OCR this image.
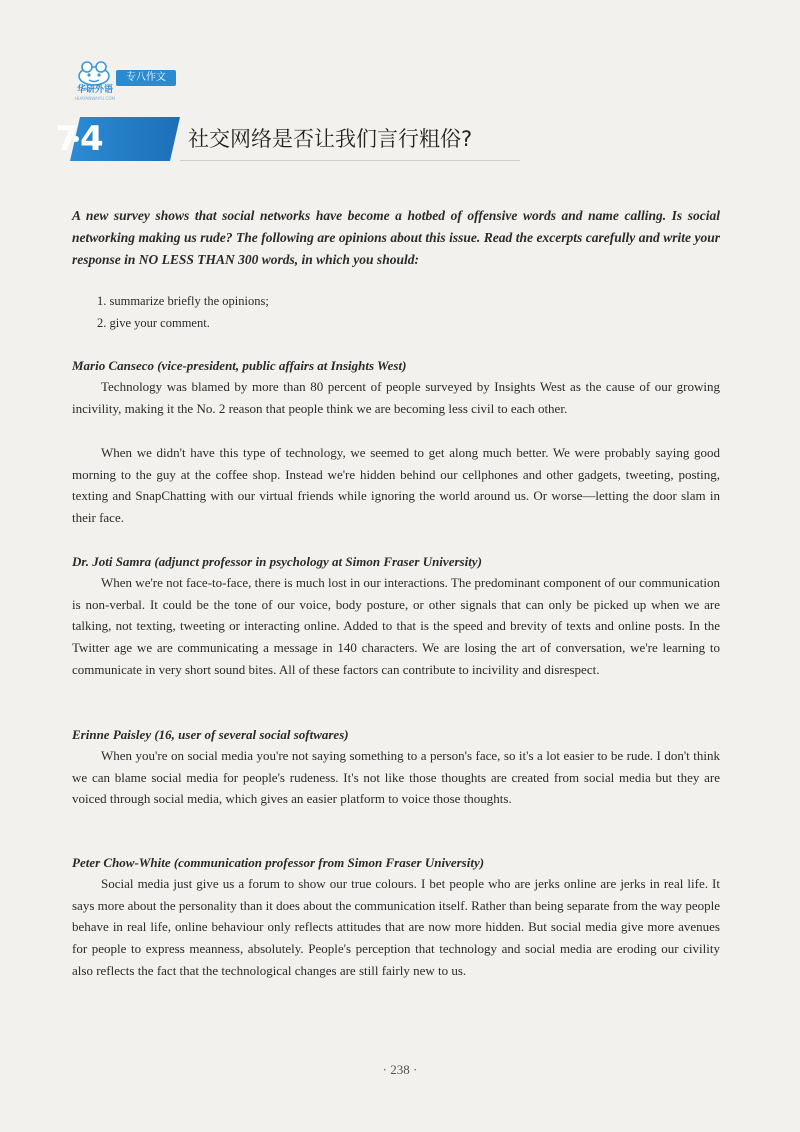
华研外语
HUAYANWAIYU.COM
专八作文
74	社交网络是否让我们言行粗俗?
A new survey shows that social networks have become a hotbed of offensive words and name calling. Is social networking making us rude? The following are opinions about this issue. Read the excerpts carefully and write your response in NO LESS THAN 300 words, in which you should:
1. summarize briefly the opinions;
2. give your comment.
Mario Canseco (vice-president, public affairs at Insights West)
Technology was blamed by more than 80 percent of people surveyed by Insights West as the cause of our growing incivility, making it the No. 2 reason that people think we are becoming less civil to each other.
When we didn't have this type of technology, we seemed to get along much better. We were probably saying good morning to the guy at the coffee shop. Instead we're hidden behind our cellphones and other gadgets, tweeting, posting, texting and SnapChatting with our virtual friends while ignoring the world around us. Or worse—letting the door slam in their face.
Dr. Joti Samra (adjunct professor in psychology at Simon Fraser University)
When we're not face-to-face, there is much lost in our interactions. The predominant component of our communication is non-verbal. It could be the tone of our voice, body posture, or other signals that can only be picked up when we are talking, not texting, tweeting or interacting online. Added to that is the speed and brevity of texts and online posts. In the Twitter age we are communicating a message in 140 characters. We are losing the art of conversation, we're learning to communicate in very short sound bites. All of these factors can contribute to incivility and disrespect.
Erinne Paisley (16, user of several social softwares)
When you're on social media you're not saying something to a person's face, so it's a lot easier to be rude. I don't think we can blame social media for people's rudeness. It's not like those thoughts are created from social media but they are voiced through social media, which gives an easier platform to voice those thoughts.
Peter Chow-White (communication professor from Simon Fraser University)
Social media just give us a forum to show our true colours. I bet people who are jerks online are jerks in real life. It says more about the personality than it does about the communication itself. Rather than being separate from the way people behave in real life, online behaviour only reflects attitudes that are now more hidden. But social media give more avenues for people to express meanness, absolutely. People's perception that technology and social media are eroding our civility also reflects the fact that the technological changes are still fairly new to us.
· 238 ·
